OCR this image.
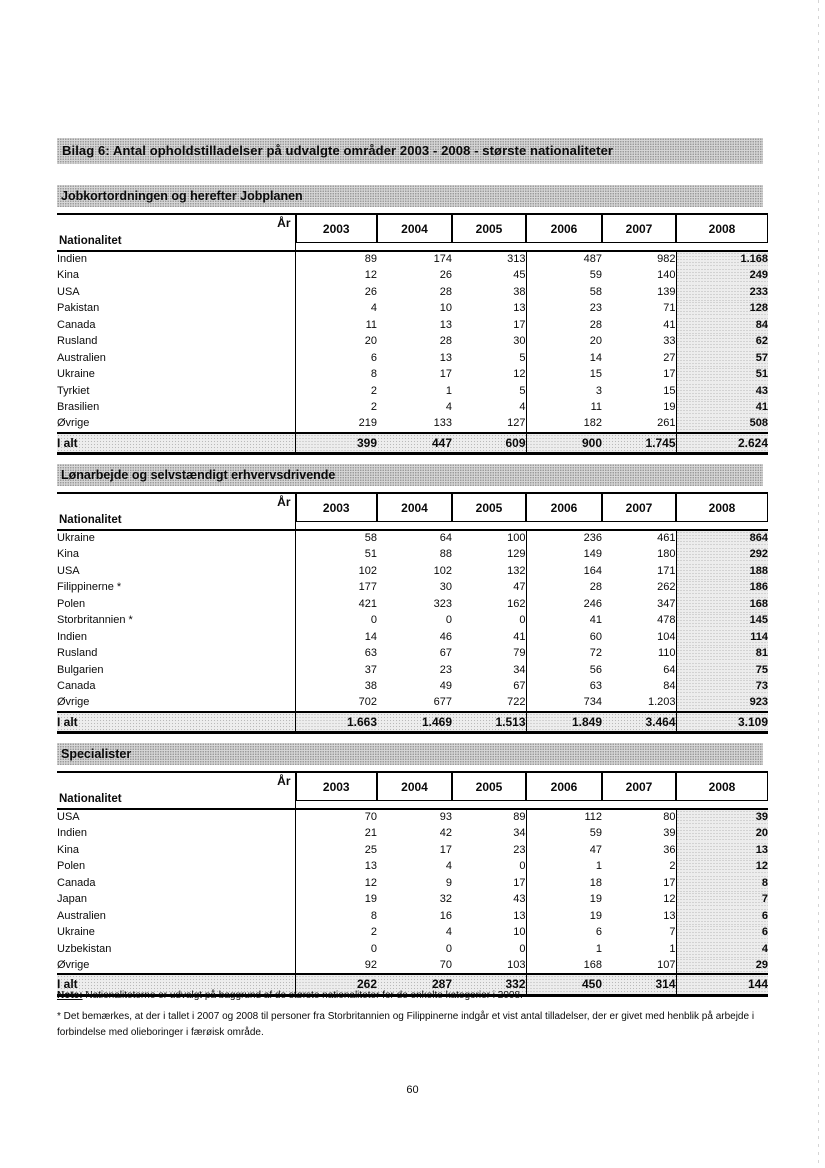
Bilag 6: Antal opholdstilladelser på udvalgte områder 2003 - 2008 - største nationaliteter
Jobkortordningen og herefter Jobplanen
År
Nationalitet	2003	2004	2005	2006	2007	2008

Indien	89	174	313	487	982	1.168
Kina	12	26	45	59	140	249
USA	26	28	38	58	139	233
Pakistan	4	10	13	23	71	128
Canada	11	13	17	28	41	84
Rusland	20	28	30	20	33	62
Australien	6	13	5	14	27	57
Ukraine	8	17	12	15	17	51
Tyrkiet	2	1	5	3	15	43
Brasilien	2	4	4	11	19	41
Øvrige	219	133	127	182	261	508
I alt	399	447	609	900	1.745	2.624
Lønarbejde og selvstændigt erhvervsdrivende
År
Nationalitet	2003	2004	2005	2006	2007	2008

Ukraine	58	64	100	236	461	864
Kina	51	88	129	149	180	292
USA	102	102	132	164	171	188
Filippinerne *	177	30	47	28	262	186
Polen	421	323	162	246	347	168
Storbritannien *	0	0	0	41	478	145
Indien	14	46	41	60	104	114
Rusland	63	67	79	72	110	81
Bulgarien	37	23	34	56	64	75
Canada	38	49	67	63	84	73
Øvrige	702	677	722	734	1.203	923
I alt	1.663	1.469	1.513	1.849	3.464	3.109
Specialister
År
Nationalitet	2003	2004	2005	2006	2007	2008

USA	70	93	89	112	80	39
Indien	21	42	34	59	39	20
Kina	25	17	23	47	36	13
Polen	13	4	0	1	2	12
Canada	12	9	17	18	17	8
Japan	19	32	43	19	12	7
Australien	8	16	13	19	13	6
Ukraine	2	4	10	6	7	6
Uzbekistan	0	0	0	1	1	4
Øvrige	92	70	103	168	107	29
I alt	262	287	332	450	314	144

Note: Nationaliteterne er udvalgt på baggrund af de største nationaliteter for de enkelte kategorier i 2008.

* Det bemærkes, at der i tallet i 2007 og 2008 til personer fra Storbritannien og Filippinerne indgår et vist antal tilladelser, der er givet med henblik på arbejde i forbindelse med olieboringer i færøisk område.

60
